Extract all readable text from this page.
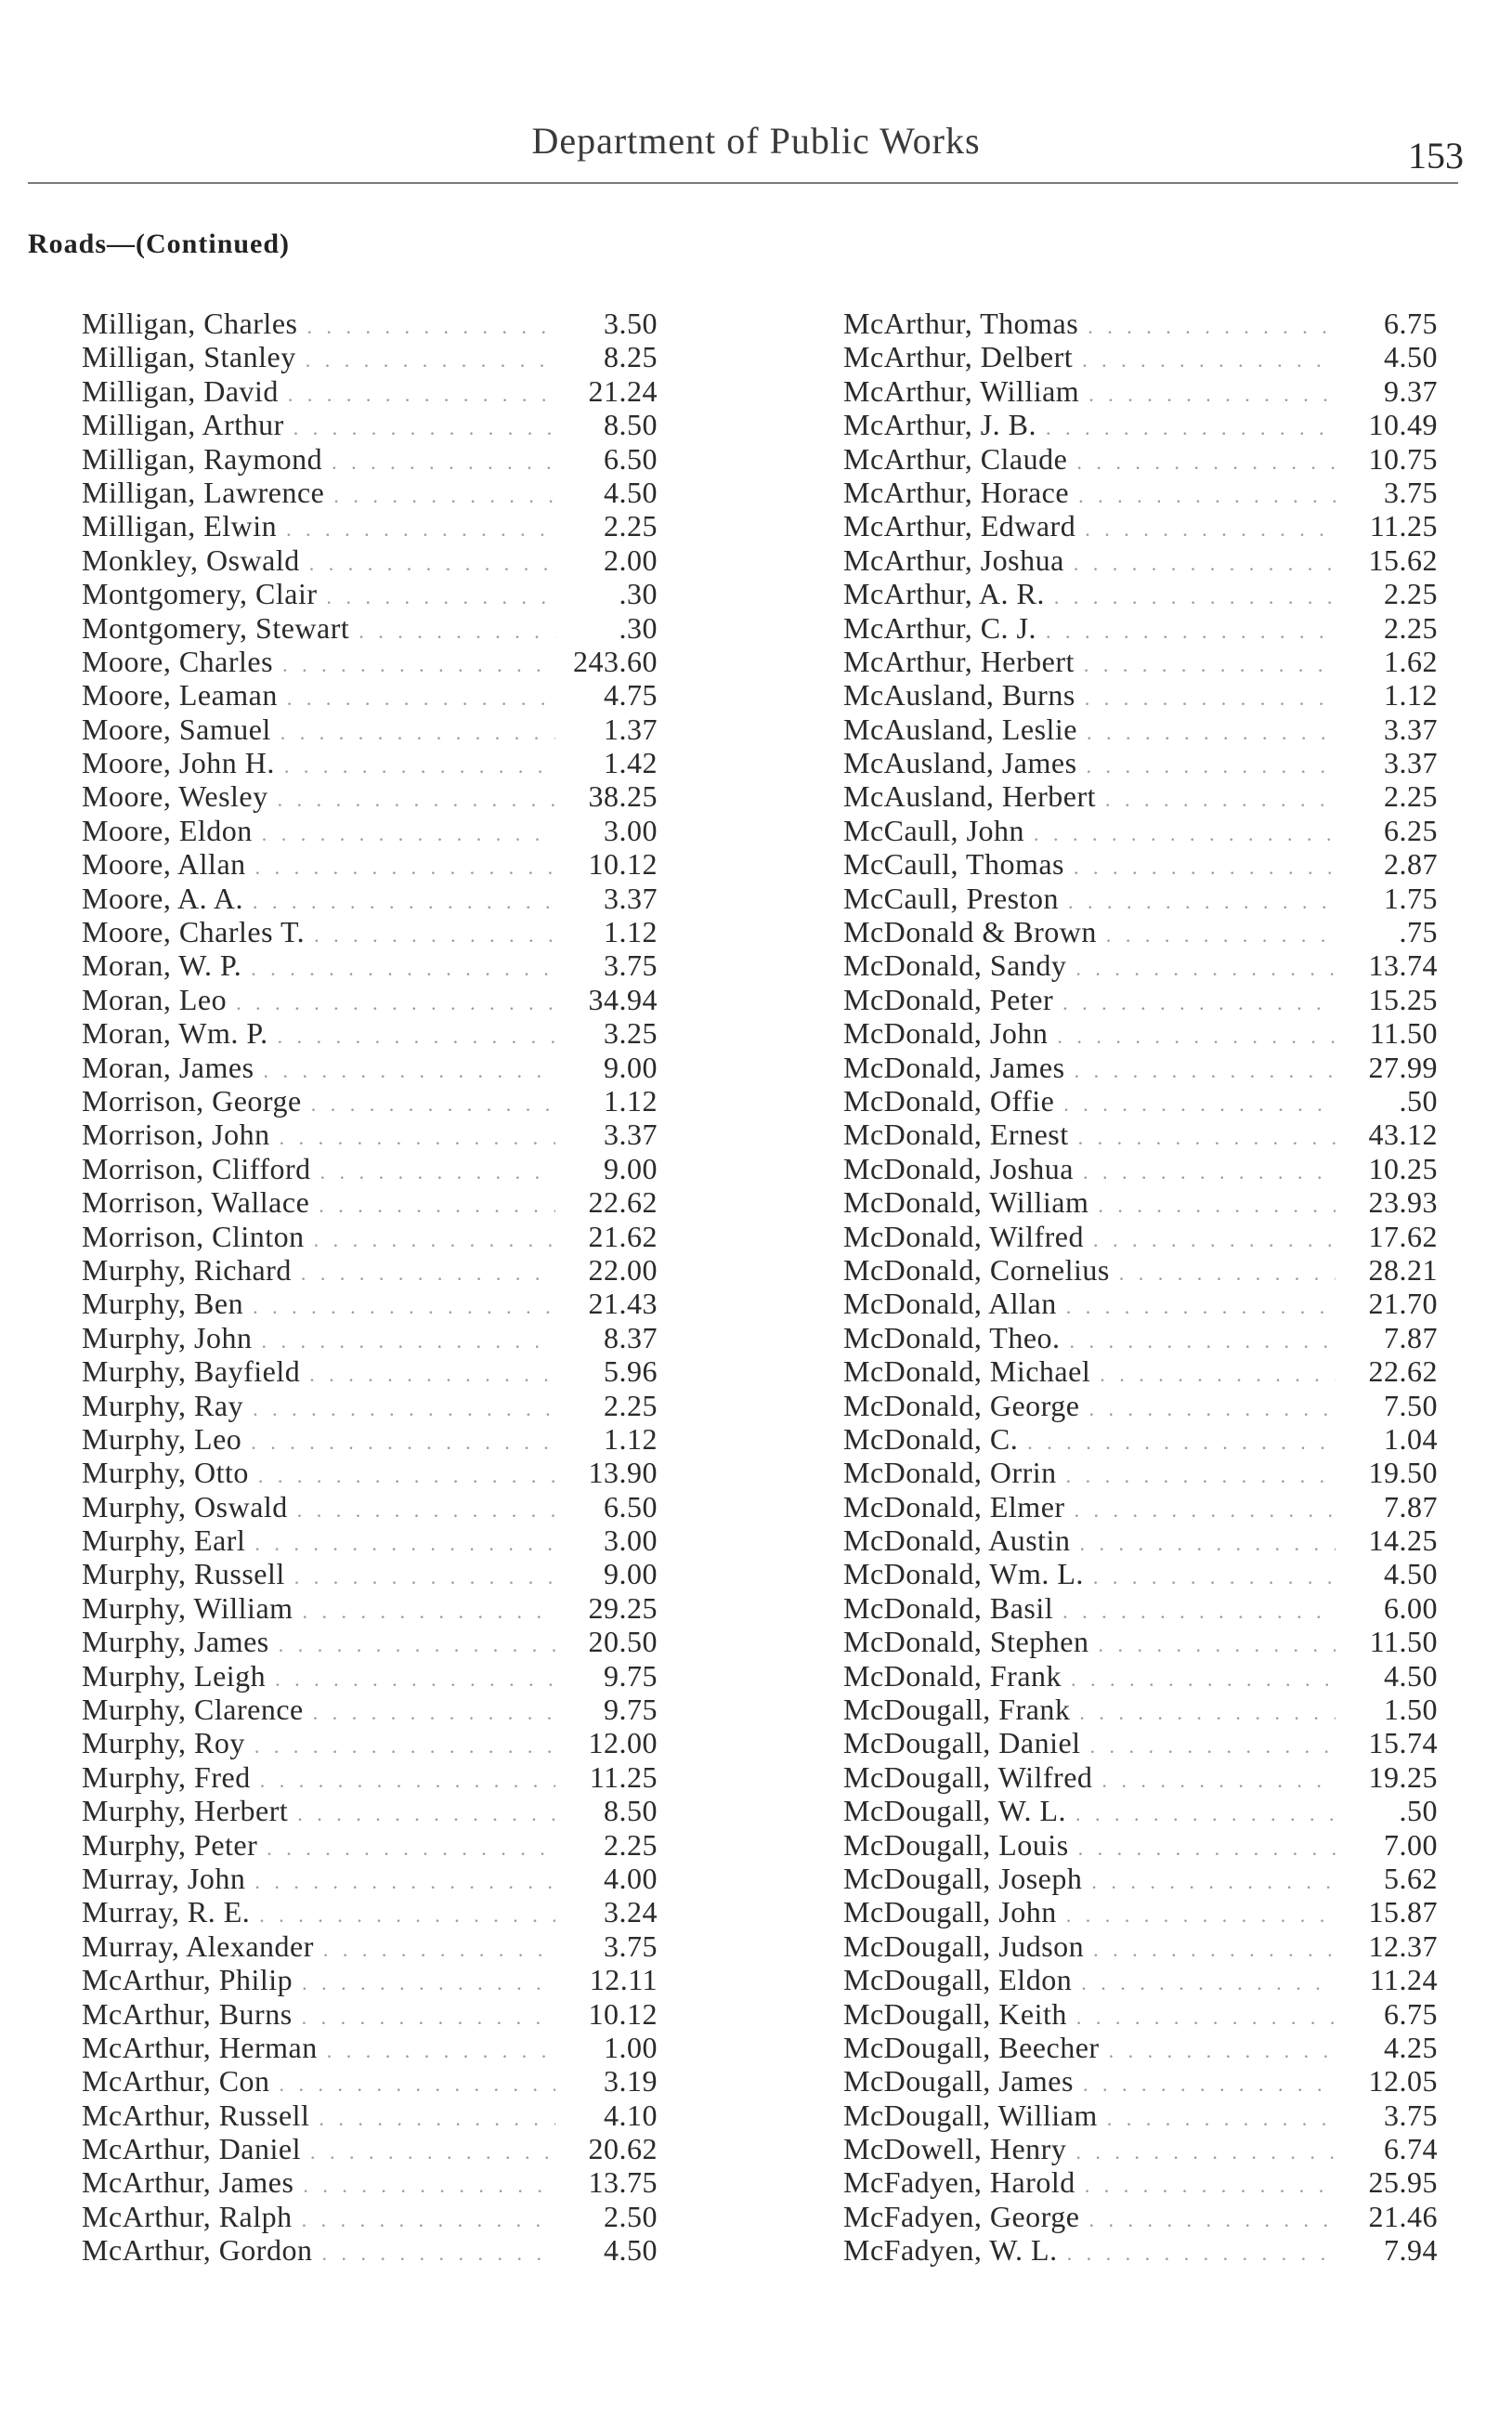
Department of Public Works	153
Roads—(Continued)
Milligan, Charles . . .	3.50
Milligan, Stanley . . .	8.25
Milligan, David . . .	21.24
Milligan, Arthur . . .	8.50
Milligan, Raymond . . .	6.50
Milligan, Lawrence . . .	4.50
Milligan, Elwin . . .	2.25
Monkley, Oswald . . .	2.00
Montgomery, Clair . . .	.30
Montgomery, Stewart . . .	.30
Moore, Charles . . .	243.60
Moore, Leaman . . .	4.75
Moore, Samuel . . .	1.37
Moore, John H. . . .	1.42
Moore, Wesley . . .	38.25
Moore, Eldon . . .	3.00
Moore, Allan . . .	10.12
Moore, A. A. . . .	3.37
Moore, Charles T. . . .	1.12
Moran, W. P. . . .	3.75
Moran, Leo . . .	34.94
Moran, Wm. P. . . .	3.25
Moran, James . . .	9.00
Morrison, George . . .	1.12
Morrison, John . . .	3.37
Morrison, Clifford . . .	9.00
Morrison, Wallace . . .	22.62
Morrison, Clinton . . .	21.62
Murphy, Richard . . .	22.00
Murphy, Ben . . .	21.43
Murphy, John . . .	8.37
Murphy, Bayfield . . .	5.96
Murphy, Ray . . .	2.25
Murphy, Leo . . .	1.12
Murphy, Otto . . .	13.90
Murphy, Oswald . . .	6.50
Murphy, Earl . . .	3.00
Murphy, Russell . . .	9.00
Murphy, William . . .	29.25
Murphy, James . . .	20.50
Murphy, Leigh . . .	9.75
Murphy, Clarence . . .	9.75
Murphy, Roy . . .	12.00
Murphy, Fred . . .	11.25
Murphy, Herbert . . .	8.50
Murphy, Peter . . .	2.25
Murray, John . . .	4.00
Murray, R. E. . . .	3.24
Murray, Alexander . . .	3.75
McArthur, Philip . . .	12.11
McArthur, Burns . . .	10.12
McArthur, Herman . . .	1.00
McArthur, Con . . .	3.19
McArthur, Russell . . .	4.10
McArthur, Daniel . . .	20.62
McArthur, James . . .	13.75
McArthur, Ralph . . .	2.50
McArthur, Gordon . . .	4.50
McArthur, Thomas . . .	6.75
McArthur, Delbert . . .	4.50
McArthur, William . . .	9.37
McArthur, J. B. . . .	10.49
McArthur, Claude . . .	10.75
McArthur, Horace . . .	3.75
McArthur, Edward . . .	11.25
McArthur, Joshua . . .	15.62
McArthur, A. R. . . .	2.25
McArthur, C. J. . . .	2.25
McArthur, Herbert . . .	1.62
McAusland, Burns . . .	1.12
McAusland, Leslie . . .	3.37
McAusland, James . . .	3.37
McAusland, Herbert . . .	2.25
McCaull, John . . .	6.25
McCaull, Thomas . . .	2.87
McCaull, Preston . . .	1.75
McDonald & Brown . . .	.75
McDonald, Sandy . . .	13.74
McDonald, Peter . . .	15.25
McDonald, John . . .	11.50
McDonald, James . . .	27.99
McDonald, Offie . . .	.50
McDonald, Ernest . . .	43.12
McDonald, Joshua . . .	10.25
McDonald, William . . .	23.93
McDonald, Wilfred . . .	17.62
McDonald, Cornelius . . .	28.21
McDonald, Allan . . .	21.70
McDonald, Theo. . . .	7.87
McDonald, Michael . . .	22.62
McDonald, George . . .	7.50
McDonald, C. . . .	1.04
McDonald, Orrin . . .	19.50
McDonald, Elmer . . .	7.87
McDonald, Austin . . .	14.25
McDonald, Wm. L. . . .	4.50
McDonald, Basil . . .	6.00
McDonald, Stephen . . .	11.50
McDonald, Frank . . .	4.50
McDougall, Frank . . .	1.50
McDougall, Daniel . . .	15.74
McDougall, Wilfred . . .	19.25
McDougall, W. L. . . .	.50
McDougall, Louis . . .	7.00
McDougall, Joseph . . .	5.62
McDougall, John . . .	15.87
McDougall, Judson . . .	12.37
McDougall, Eldon . . .	11.24
McDougall, Keith . . .	6.75
McDougall, Beecher . . .	4.25
McDougall, James . . .	12.05
McDougall, William . . .	3.75
McDowell, Henry . . .	6.74
McFadyen, Harold . . .	25.95
McFadyen, George . . .	21.46
McFadyen, W. L. . . .	7.94
